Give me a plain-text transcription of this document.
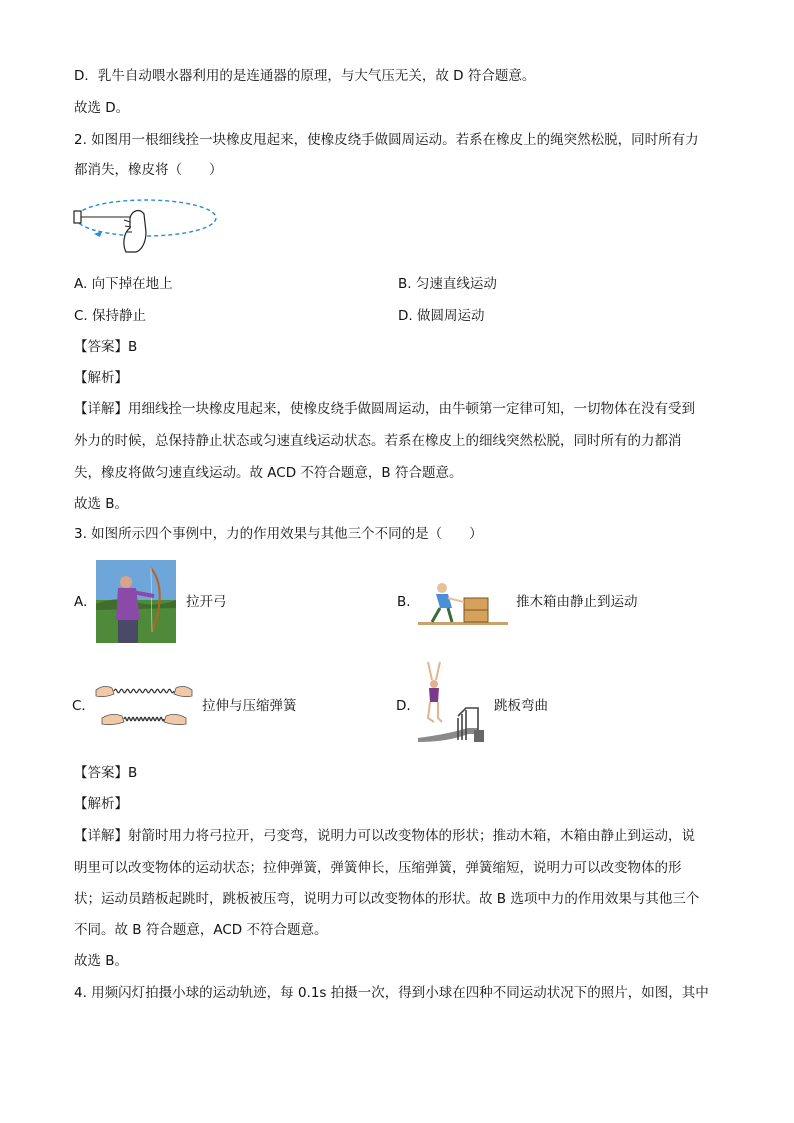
D．乳牛自动喂水器利用的是连通器的原理，与大气压无关，故 D 符合题意。
故选 D。
2. 如图用一根细线拴一块橡皮甩起来，使橡皮绕手做圆周运动。若系在橡皮上的绳突然松脱，同时所有力
都消失，橡皮将（　　）
A. 向下掉在地上	B. 匀速直线运动
C. 保持静止	D. 做圆周运动
【答案】B
【解析】
【详解】用细线拴一块橡皮甩起来，使橡皮绕手做圆周运动，由牛顿第一定律可知，一切物体在没有受到
外力的时候，总保持静止状态或匀速直线运动状态。若系在橡皮上的细线突然松脱，同时所有的力都消
失，橡皮将做匀速直线运动。故 ACD 不符合题意，B 符合题意。
故选 B。
3. 如图所示四个事例中，力的作用效果与其他三个不同的是（　　）
A.	拉开弓	B.	推木箱由静止到运动
C.	拉伸与压缩弹簧	D.	跳板弯曲
【答案】B
【解析】
【详解】射箭时用力将弓拉开，弓变弯，说明力可以改变物体的形状；推动木箱，木箱由静止到运动，说
明里可以改变物体的运动状态；拉伸弹簧，弹簧伸长，压缩弹簧，弹簧缩短，说明力可以改变物体的形
状；运动员踏板起跳时，跳板被压弯，说明力可以改变物体的形状。故 B 选项中力的作用效果与其他三个
不同。故 B 符合题意，ACD 不符合题意。
故选 B。
4. 用频闪灯拍摄小球的运动轨迹，每 0.1s 拍摄一次，得到小球在四种不同运动状况下的照片，如图，其中
